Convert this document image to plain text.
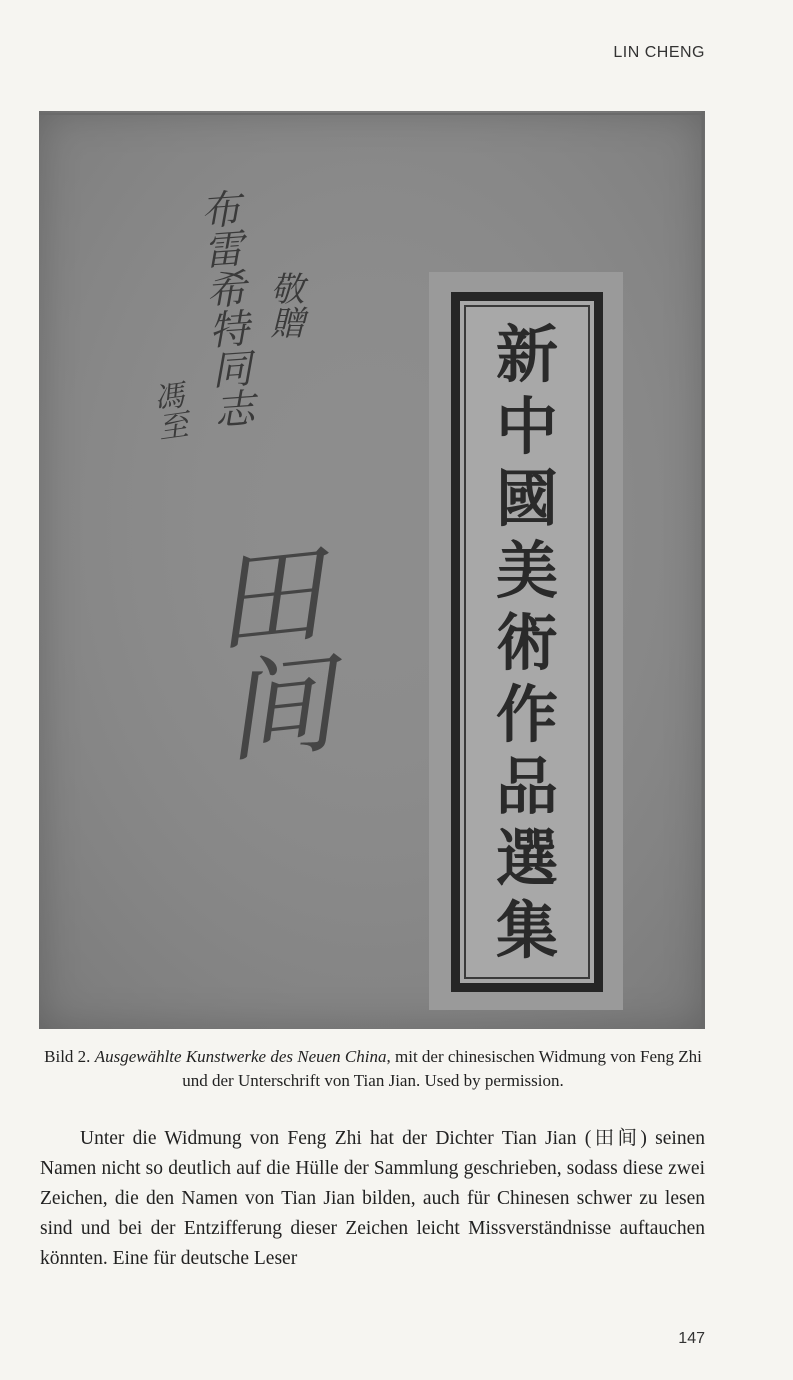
LIN CHENG
布雷希特同志 敬贈
馮至
田间
新
中
國
美
術
作
品
選
集
Bild 2. Ausgewählte Kunstwerke des Neuen China, mit der chinesischen Widmung von Feng Zhi und der Unterschrift von Tian Jian. Used by permission.

Unter die Widmung von Feng Zhi hat der Dichter Tian Jian (田间) seinen Namen nicht so deutlich auf die Hülle der Sammlung geschrieben, sodass diese zwei Zeichen, die den Namen von Tian Jian bilden, auch für Chinesen schwer zu lesen sind und bei der Entzifferung dieser Zeichen leicht Missverständnisse auftauchen könnten. Eine für deutsche Leser

147
